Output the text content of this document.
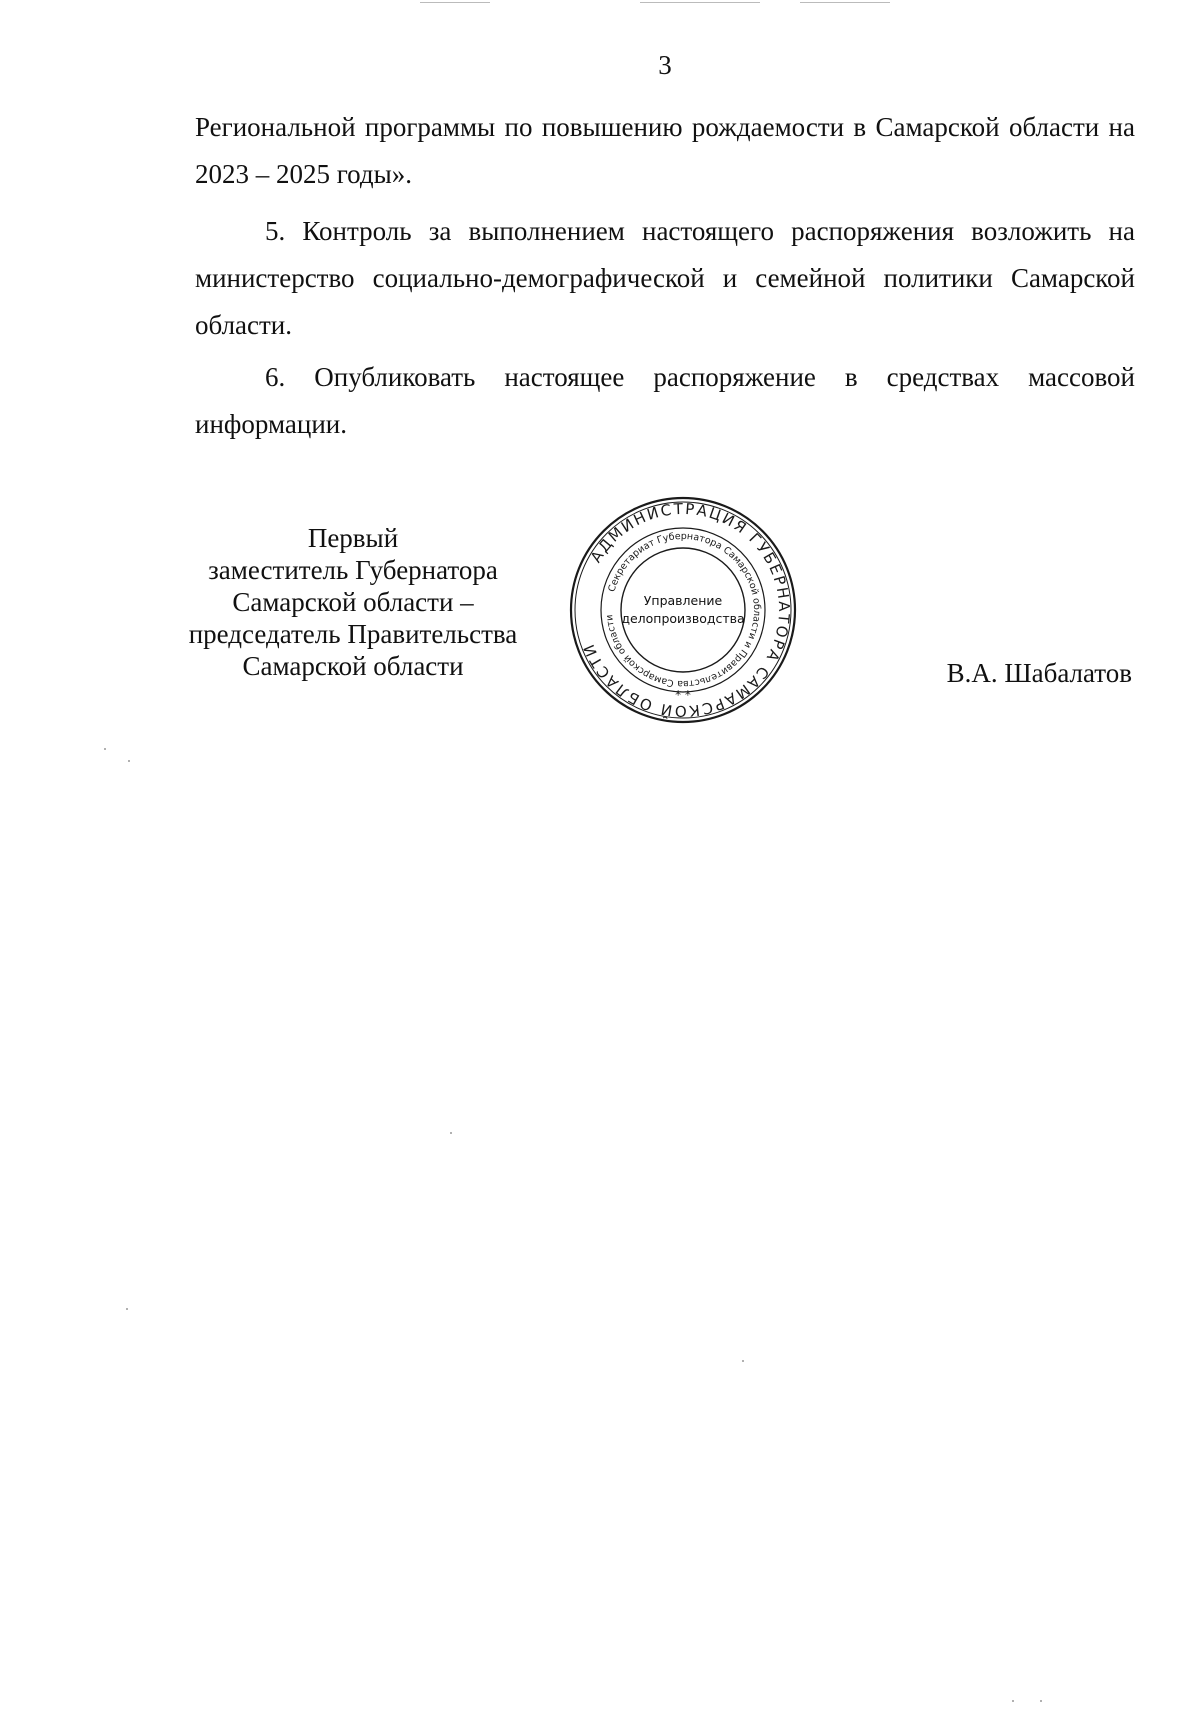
3

Региональной программы по повышению рождаемости в Самарской области на 2023 – 2025 годы».

5. Контроль за выполнением настоящего распоряжения возложить на министерство социально-демографической и семейной политики Самарской области.

6. Опубликовать настоящее распоряжение в средствах массовой информации.

Первый
заместитель Губернатора
Самарской области –
председатель Правительства
Самарской области
АДМИНИСТРАЦИЯ ГУБЕРНАТОРА САМАРСКОЙ ОБЛАСТИ
Секретариат Губернатора Самарской области и Правительства Самарской области
Управление
делопроизводства
* *
В.А. Шабалатов
